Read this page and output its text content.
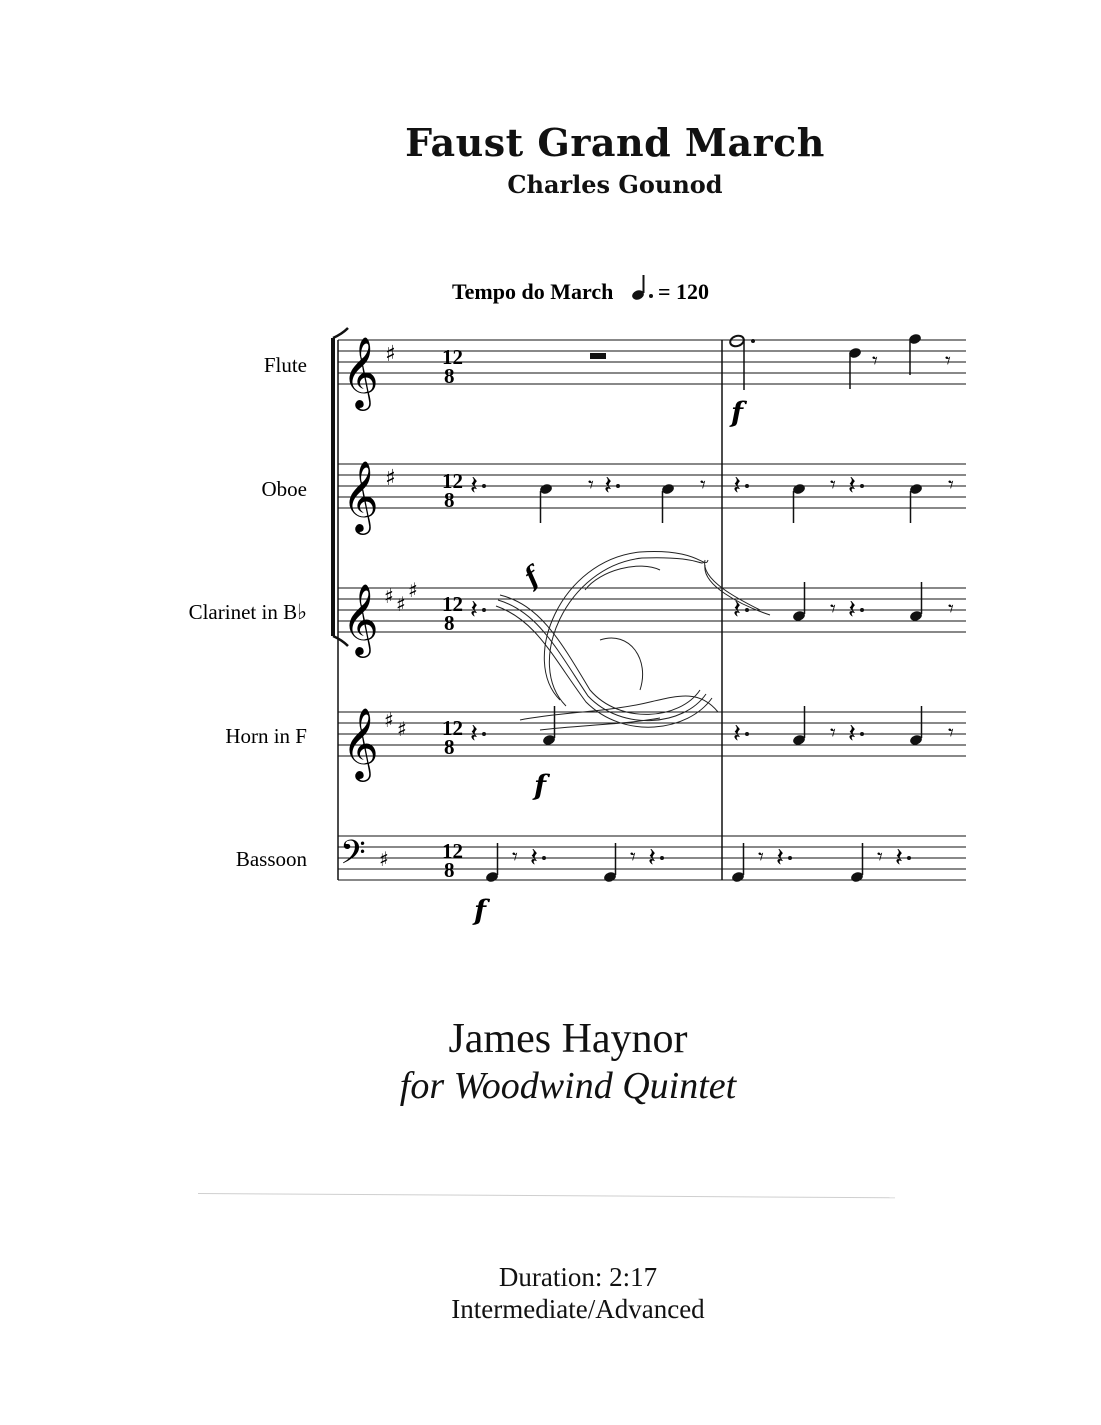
Faust Grand March
Charles Gounod
Tempo do March = 120
Flute 𝄞 ♯ 12
8
𝄾	𝄾
f
Oboe 𝄞 ♯ 12
8 𝄽	𝄾 𝄽	𝄾 𝄽	𝄾 𝄽	𝄾
Clarinet in B♭ 𝄞 ♯ ♯
♯
12
8
f
𝄽	𝄽	𝄾 𝄽	𝄾
Horn in F 𝄞 ♯ ♯ 12
8
f
𝄽	𝄽	𝄾 𝄽	𝄾
Bassoon 𝄢 ♯	12
8
f
𝄾 𝄽	𝄾 𝄽	𝄾 𝄽	𝄾 𝄽
James Haynor
for Woodwind Quintet
Duration: 2:17
Intermediate/Advanced
